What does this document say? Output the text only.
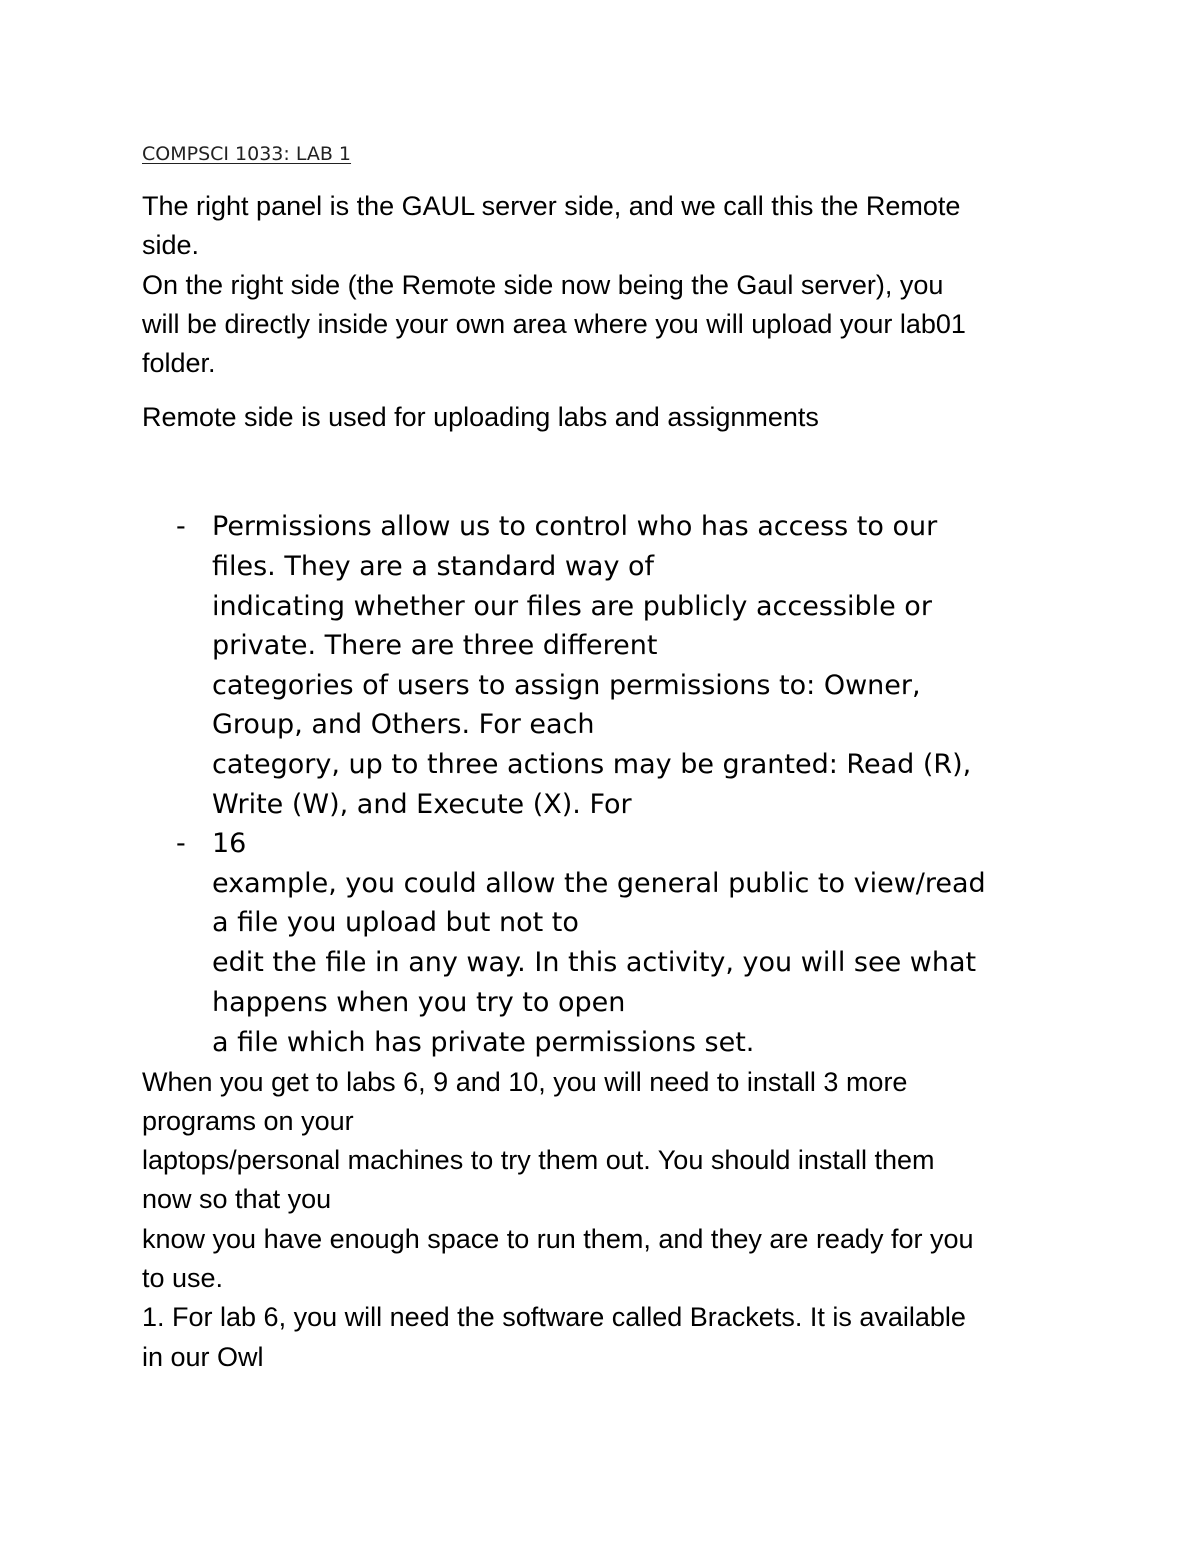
COMPSCI 1033: LAB 1

The right panel is the GAUL server side, and we call this the Remote

side.

On the right side (the Remote side now being the Gaul server), you

will be directly inside your own area where you will upload your lab01

folder.

Remote side is used for uploading labs and assignments

- Permissions allow us to control who has access to our

files. They are a standard way of

indicating whether our files are publicly accessible or

private. There are three different

categories of users to assign permissions to: Owner,

Group, and Others. For each

category, up to three actions may be granted: Read (R),

Write (W), and Execute (X). For

- 16

example, you could allow the general public to view/read

a file you upload but not to

edit the file in any way. In this activity, you will see what

happens when you try to open

a file which has private permissions set.

When you get to labs 6, 9 and 10, you will need to install 3 more

programs on your

laptops/personal machines to try them out. You should install them

now so that you

know you have enough space to run them, and they are ready for you

to use.

1. For lab 6, you will need the software called Brackets. It is available

in our Owl
